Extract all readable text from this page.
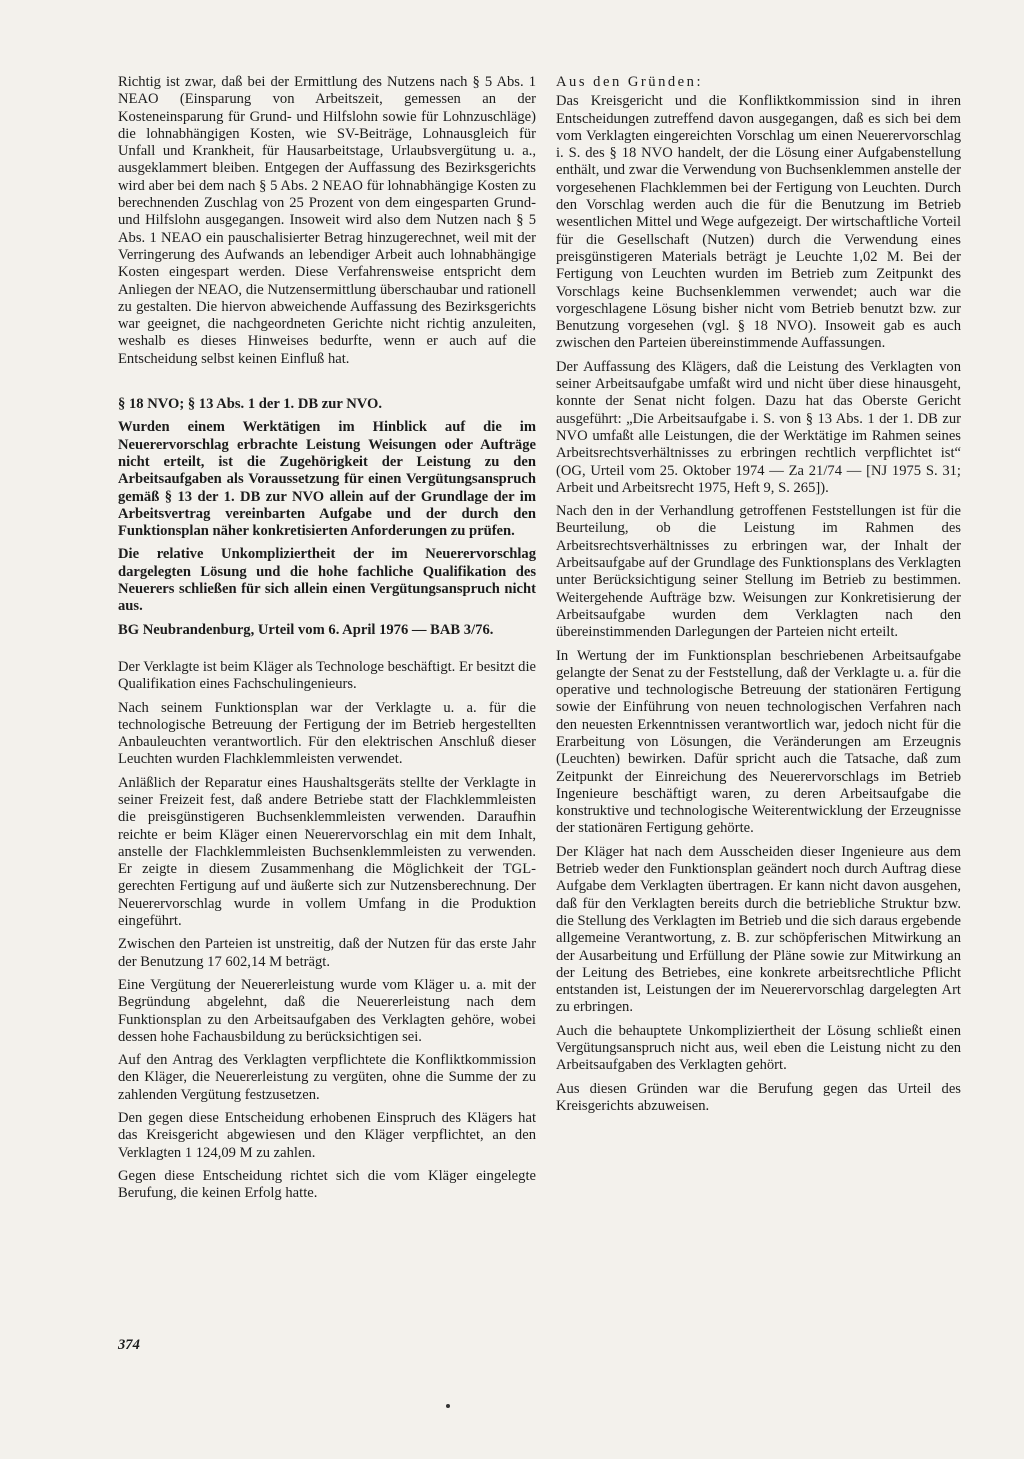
Richtig ist zwar, daß bei der Ermittlung des Nutzens nach § 5 Abs. 1 NEAO (Einsparung von Arbeitszeit, gemessen an der Kosteneinsparung für Grund- und Hilfslohn sowie für Lohnzuschläge) die lohnabhängigen Kosten, wie SV-Beiträge, Lohnausgleich für Unfall und Krankheit, für Hausarbeitstage, Urlaubsvergütung u. a., ausgeklammert bleiben. Entgegen der Auffassung des Bezirksgerichts wird aber bei dem nach § 5 Abs. 2 NEAO für lohnabhängige Kosten zu berechnenden Zuschlag von 25 Prozent von dem eingesparten Grund- und Hilfslohn ausgegangen. Insoweit wird also dem Nutzen nach § 5 Abs. 1 NEAO ein pauschalisierter Betrag hinzugerechnet, weil mit der Verringerung des Aufwands an lebendiger Arbeit auch lohnabhängige Kosten eingespart werden. Diese Verfahrensweise entspricht dem Anliegen der NEAO, die Nutzensermittlung überschaubar und rationell zu gestalten. Die hiervon abweichende Auffassung des Bezirksgerichts war geeignet, die nachgeordneten Gerichte nicht richtig anzuleiten, weshalb es dieses Hinweises bedurfte, wenn er auch auf die Entscheidung selbst keinen Einfluß hat.

§ 18 NVO; § 13 Abs. 1 der 1. DB zur NVO.

Wurden einem Werktätigen im Hinblick auf die im Neuerervorschlag erbrachte Leistung Weisungen oder Aufträge nicht erteilt, ist die Zugehörigkeit der Leistung zu den Arbeitsaufgaben als Voraussetzung für einen Vergütungsanspruch gemäß § 13 der 1. DB zur NVO allein auf der Grundlage der im Arbeitsvertrag vereinbarten Aufgabe und der durch den Funktionsplan näher konkretisierten Anforderungen zu prüfen.

Die relative Unkompliziertheit der im Neuerervorschlag dargelegten Lösung und die hohe fachliche Qualifikation des Neuerers schließen für sich allein einen Vergütungsanspruch nicht aus.

BG Neubrandenburg, Urteil vom 6. April 1976 — BAB 3/76.

Der Verklagte ist beim Kläger als Technologe beschäftigt. Er besitzt die Qualifikation eines Fachschulingenieurs.

Nach seinem Funktionsplan war der Verklagte u. a. für die technologische Betreuung der Fertigung der im Betrieb hergestellten Anbauleuchten verantwortlich. Für den elektrischen Anschluß dieser Leuchten wurden Flachklemmleisten verwendet.

Anläßlich der Reparatur eines Haushaltsgeräts stellte der Verklagte in seiner Freizeit fest, daß andere Betriebe statt der Flachklemmleisten die preisgünstigeren Buchsenklemmleisten verwenden. Daraufhin reichte er beim Kläger einen Neuerervorschlag ein mit dem Inhalt, anstelle der Flachklemmleisten Buchsenklemmleisten zu verwenden. Er zeigte in diesem Zusammenhang die Möglichkeit der TGL-gerechten Fertigung auf und äußerte sich zur Nutzensberechnung. Der Neuerervorschlag wurde in vollem Umfang in die Produktion eingeführt.

Zwischen den Parteien ist unstreitig, daß der Nutzen für das erste Jahr der Benutzung 17 602,14 M beträgt.

Eine Vergütung der Neuererleistung wurde vom Kläger u. a. mit der Begründung abgelehnt, daß die Neuererleistung nach dem Funktionsplan zu den Arbeitsaufgaben des Verklagten gehöre, wobei dessen hohe Fachausbildung zu berücksichtigen sei.

Auf den Antrag des Verklagten verpflichtete die Konfliktkommission den Kläger, die Neuererleistung zu vergüten, ohne die Summe der zu zahlenden Vergütung festzusetzen.

Den gegen diese Entscheidung erhobenen Einspruch des Klägers hat das Kreisgericht abgewiesen und den Kläger verpflichtet, an den Verklagten 1 124,09 M zu zahlen.

Gegen diese Entscheidung richtet sich die vom Kläger eingelegte Berufung, die keinen Erfolg hatte.

Aus den Gründen:

Das Kreisgericht und die Konfliktkommission sind in ihren Entscheidungen zutreffend davon ausgegangen, daß es sich bei dem vom Verklagten eingereichten Vorschlag um einen Neuerervorschlag i. S. des § 18 NVO handelt, der die Lösung einer Aufgabenstellung enthält, und zwar die Verwendung von Buchsenklemmen anstelle der vorgesehenen Flachklemmen bei der Fertigung von Leuchten. Durch den Vorschlag werden auch die für die Benutzung im Betrieb wesentlichen Mittel und Wege aufgezeigt. Der wirtschaftliche Vorteil für die Gesellschaft (Nutzen) durch die Verwendung eines preisgünstigeren Materials beträgt je Leuchte 1,02 M. Bei der Fertigung von Leuchten wurden im Betrieb zum Zeitpunkt des Vorschlags keine Buchsenklemmen verwendet; auch war die vorgeschlagene Lösung bisher nicht vom Betrieb benutzt bzw. zur Benutzung vorgesehen (vgl. § 18 NVO). Insoweit gab es auch zwischen den Parteien übereinstimmende Auffassungen.

Der Auffassung des Klägers, daß die Leistung des Verklagten von seiner Arbeitsaufgabe umfaßt wird und nicht über diese hinausgeht, konnte der Senat nicht folgen. Dazu hat das Oberste Gericht ausgeführt: „Die Arbeitsaufgabe i. S. von § 13 Abs. 1 der 1. DB zur NVO umfaßt alle Leistungen, die der Werktätige im Rahmen seines Arbeitsrechtsverhältnisses zu erbringen rechtlich verpflichtet ist“ (OG, Urteil vom 25. Oktober 1974 — Za 21/74 — [NJ 1975 S. 31; Arbeit und Arbeitsrecht 1975, Heft 9, S. 265]).

Nach den in der Verhandlung getroffenen Feststellungen ist für die Beurteilung, ob die Leistung im Rahmen des Arbeitsrechtsverhältnisses zu erbringen war, der Inhalt der Arbeitsaufgabe auf der Grundlage des Funktionsplans des Verklagten unter Berücksichtigung seiner Stellung im Betrieb zu bestimmen. Weitergehende Aufträge bzw. Weisungen zur Konkretisierung der Arbeitsaufgabe wurden dem Verklagten nach den übereinstimmenden Darlegungen der Parteien nicht erteilt.

In Wertung der im Funktionsplan beschriebenen Arbeitsaufgabe gelangte der Senat zu der Feststellung, daß der Verklagte u. a. für die operative und technologische Betreuung der stationären Fertigung sowie der Einführung von neuen technologischen Verfahren nach den neuesten Erkenntnissen verantwortlich war, jedoch nicht für die Erarbeitung von Lösungen, die Veränderungen am Erzeugnis (Leuchten) bewirken. Dafür spricht auch die Tatsache, daß zum Zeitpunkt der Einreichung des Neuerervorschlags im Betrieb Ingenieure beschäftigt waren, zu deren Arbeitsaufgabe die konstruktive und technologische Weiterentwicklung der Erzeugnisse der stationären Fertigung gehörte.

Der Kläger hat nach dem Ausscheiden dieser Ingenieure aus dem Betrieb weder den Funktionsplan geändert noch durch Auftrag diese Aufgabe dem Verklagten übertragen. Er kann nicht davon ausgehen, daß für den Verklagten bereits durch die betriebliche Struktur bzw. die Stellung des Verklagten im Betrieb und die sich daraus ergebende allgemeine Verantwortung, z. B. zur schöpferischen Mitwirkung an der Ausarbeitung und Erfüllung der Pläne sowie zur Mitwirkung an der Leitung des Betriebes, eine konkrete arbeitsrechtliche Pflicht entstanden ist, Leistungen der im Neuerervorschlag dargelegten Art zu erbringen.

Auch die behauptete Unkompliziertheit der Lösung schließt einen Vergütungsanspruch nicht aus, weil eben die Leistung nicht zu den Arbeitsaufgaben des Verklagten gehört.

Aus diesen Gründen war die Berufung gegen das Urteil des Kreisgerichts abzuweisen.

374
